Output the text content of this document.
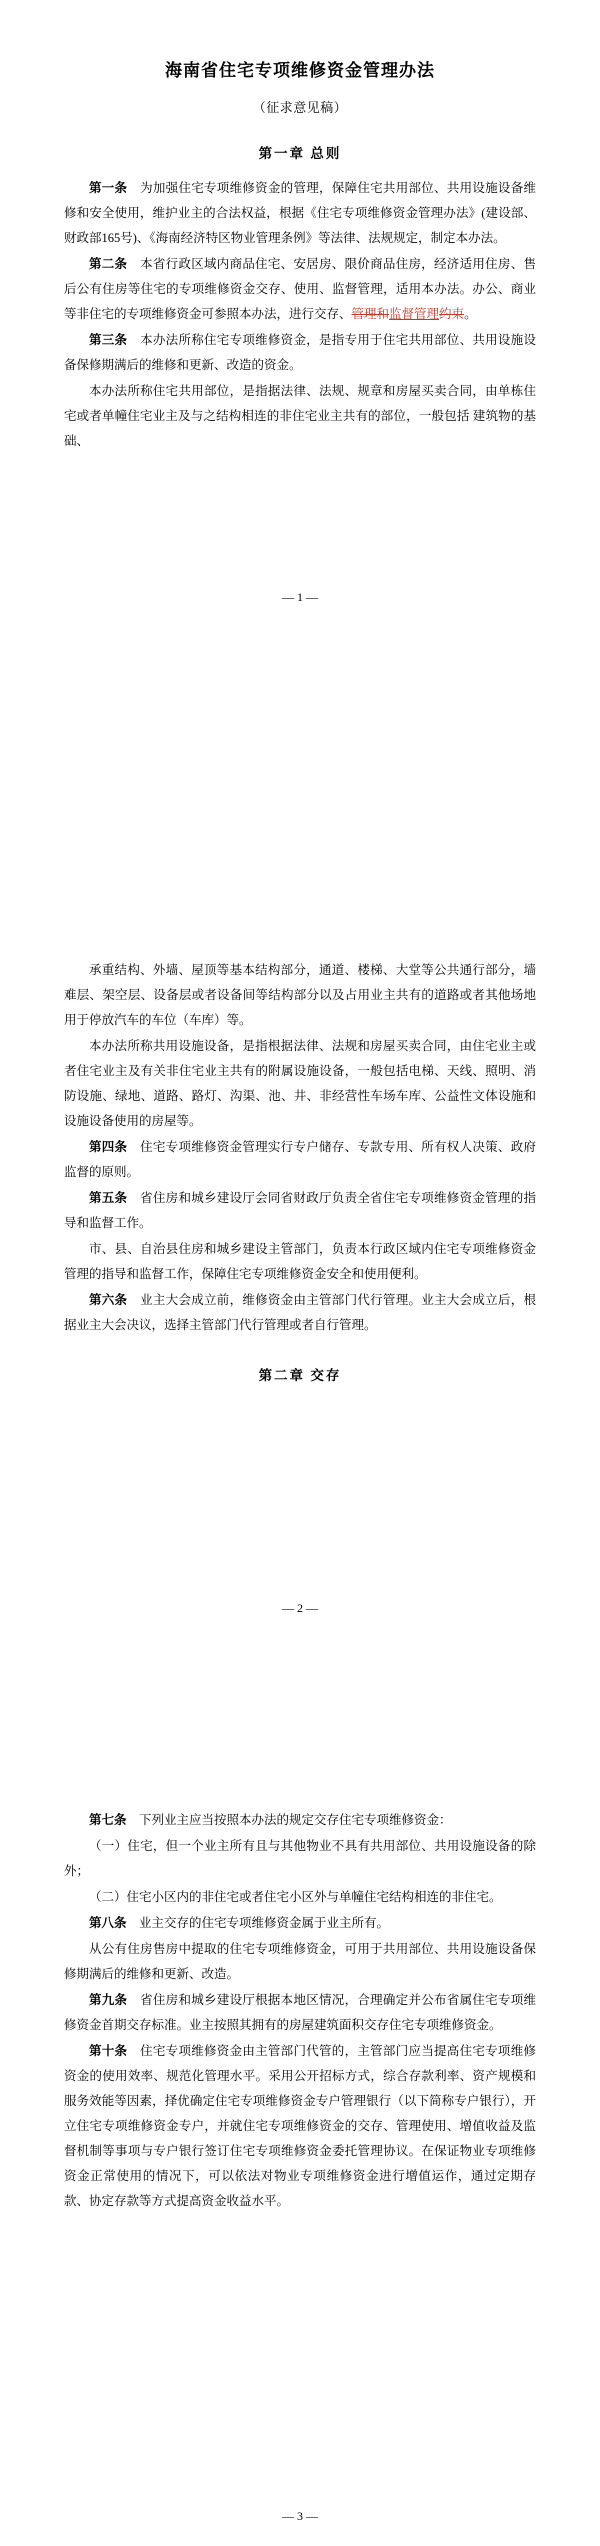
海南省住宅专项维修资金管理办法
（征求意见稿）
第一章 总则

第一条　为加强住宅专项维修资金的管理，保障住宅共用部位、共用设施设备维修和安全使用，维护业主的合法权益，根据《住宅专项维修资金管理办法》(建设部、财政部165号)、《海南经济特区物业管理条例》等法律、法规规定，制定本办法。

第二条　本省行政区域内商品住宅、安居房、限价商品住房，经济适用住房、售后公有住房等住宅的专项维修资金交存、使用、监督管理，适用本办法。办公、商业等非住宅的专项维修资金可参照本办法，进行交存、管理和监督管理约束。

第三条　本办法所称住宅专项维修资金，是指专用于住宅共用部位、共用设施设备保修期满后的维修和更新、改造的资金。

本办法所称住宅共用部位，是指据法律、法规、规章和房屋买卖合同，由单栋住宅或者单幢住宅业主及与之结构相连的非住宅业主共有的部位，一般包括 建筑物的基础、

— 1 —

承重结构、外墙、屋顶等基本结构部分，通道、楼梯、大堂等公共通行部分，墙难层、架空层、设备层或者设备间等结构部分以及占用业主共有的道路或者其他场地用于停放汽车的车位（车库）等。

本办法所称共用设施设备，是指根据法律、法规和房屋买卖合同，由住宅业主或者住宅业主及有关非住宅业主共有的附属设施设备，一般包括电梯、天线、照明、消防设施、绿地、道路、路灯、沟渠、池、井、非经营性车场车库、公益性文体设施和设施设备使用的房屋等。

第四条　住宅专项维修资金管理实行专户储存、专款专用、所有权人决策、政府监督的原则。

第五条　省住房和城乡建设厅会同省财政厅负责全省住宅专项维修资金管理的指导和监督工作。

市、县、自治县住房和城乡建设主管部门，负责本行政区域内住宅专项维修资金管理的指导和监督工作，保障住宅专项维修资金安全和使用便利。

第六条　业主大会成立前，维修资金由主管部门代行管理。业主大会成立后，根据业主大会决议，选择主管部门代行管理或者自行管理。

第二章 交存
— 2 —

第七条　下列业主应当按照本办法的规定交存住宅专项维修资金：

（一）住宅，但一个业主所有且与其他物业不具有共用部位、共用设施设备的除外；

（二）住宅小区内的非住宅或者住宅小区外与单幢住宅结构相连的非住宅。

第八条　业主交存的住宅专项维修资金属于业主所有。

从公有住房售房中提取的住宅专项维修资金，可用于共用部位、共用设施设备保修期满后的维修和更新、改造。

第九条　省住房和城乡建设厅根据本地区情况，合理确定并公布省属住宅专项维修资金首期交存标准。业主按照其拥有的房屋建筑面积交存住宅专项维修资金。

第十条　住宅专项维修资金由主管部门代管的，主管部门应当提高住宅专项维修资金的使用效率、规范化管理水平。采用公开招标方式，综合存款利率、资产规模和服务效能等因素，择优确定住宅专项维修资金专户管理银行（以下简称专户银行），开立住宅专项维修资金专户，并就住宅专项维修资金的交存、管理使用、增值收益及监督机制等事项与专户银行签订住宅专项维修资金委托管理协议。在保证物业专项维修资金正常使用的情况下，可以依法对物业专项维修资金进行增值运作，通过定期存款、协定存款等方式提高资金收益水平。

— 3 —
